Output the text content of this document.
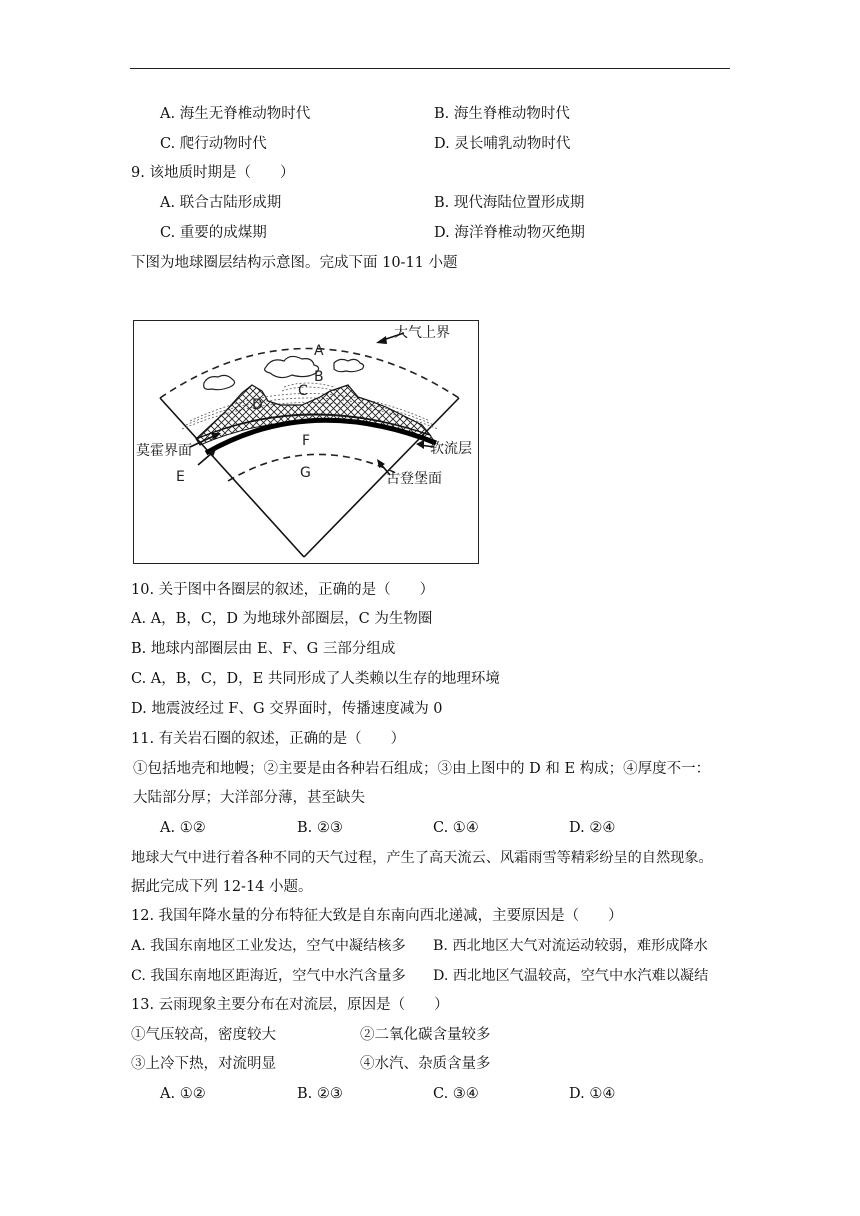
A. 海生无脊椎动物时代	B. 海生脊椎动物时代
C. 爬行动物时代	D. 灵长哺乳动物时代
9. 该地质时期是（　　）
A. 联合古陆形成期	B. 现代海陆位置形成期
C. 重要的成煤期	D. 海洋脊椎动物灭绝期
下图为地球圈层结构示意图。完成下面 10-11 小题
大气上界
莫霍界面	软流层
古登堡面
A
B
C
D
E
F
G
10. 关于图中各圈层的叙述，正确的是（　　）
A. A，B，C，D 为地球外部圈层，C 为生物圈
B. 地球内部圈层由 E、F、G 三部分组成
C. A，B，C，D，E 共同形成了人类赖以生存的地理环境
D. 地震波经过 F、G 交界面时，传播速度减为 0
11. 有关岩石圈的叙述，正确的是（　　）
①包括地壳和地幔；②主要是由各种岩石组成；③由上图中的 D 和 E 构成；④厚度不一：
大陆部分厚；大洋部分薄，甚至缺失
A. ①②	B. ②③	C. ①④	D. ②④
地球大气中进行着各种不同的天气过程，产生了高天流云、风霜雨雪等精彩纷呈的自然现象。
据此完成下列 12-14 小题。
12. 我国年降水量的分布特征大致是自东南向西北递减，主要原因是（　　）
A. 我国东南地区工业发达，空气中凝结核多 B. 西北地区大气对流运动较弱，难形成降水
C. 我国东南地区距海近，空气中水汽含量多 D. 西北地区气温较高，空气中水汽难以凝结
13. 云雨现象主要分布在对流层，原因是（　　）
①气压较高，密度较大	②二氧化碳含量较多
③上冷下热，对流明显	④水汽、杂质含量多
A. ①②	B. ②③	C. ③④	D. ①④
